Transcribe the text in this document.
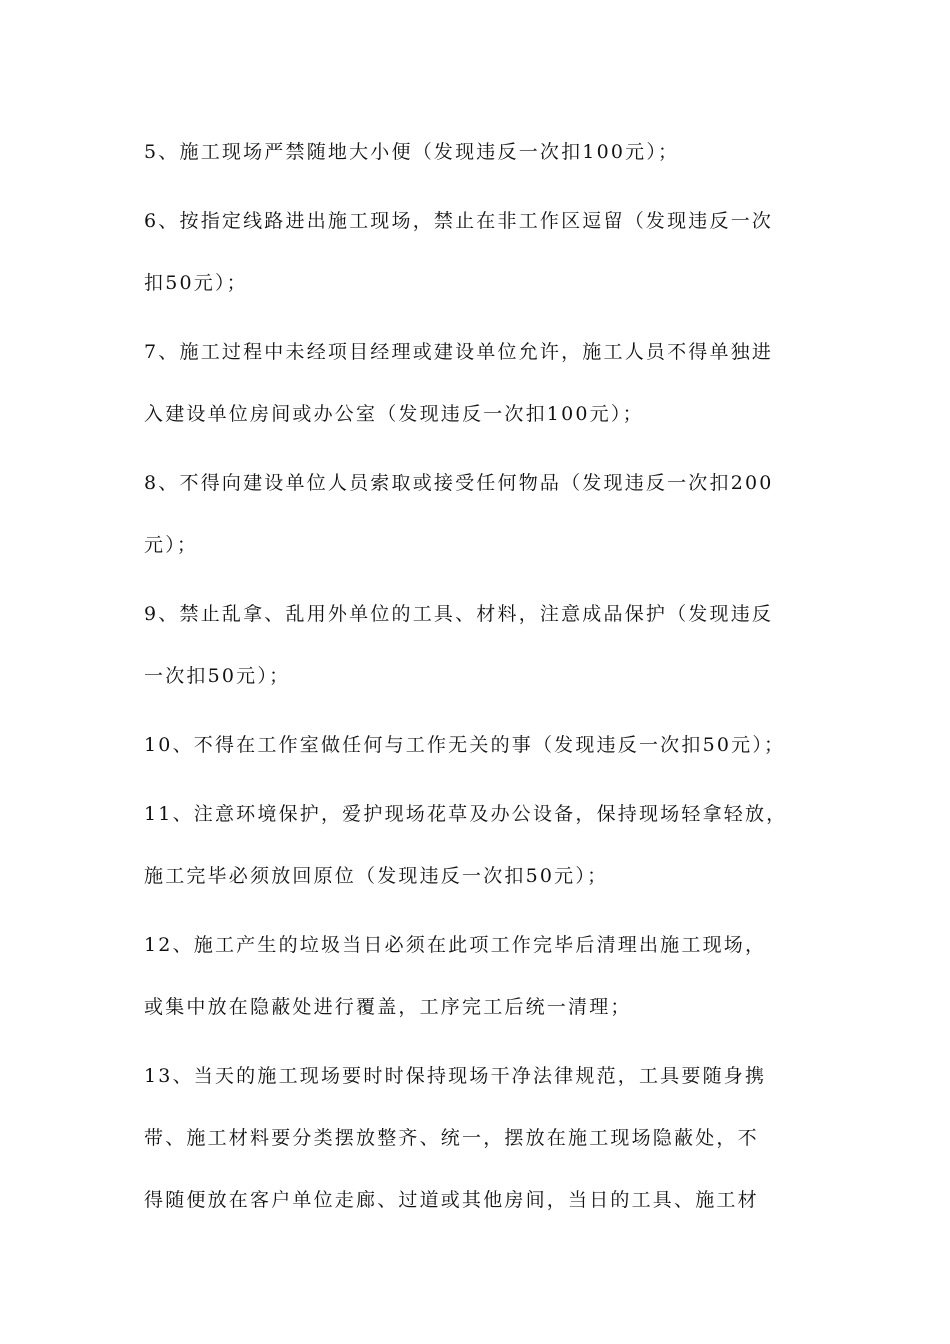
5、施工现场严禁随地大小便（发现违反一次扣100元）；
6、按指定线路进出施工现场，禁止在非工作区逗留（发现违反一次
扣50元）；
7、施工过程中未经项目经理或建设单位允许，施工人员不得单独进
入建设单位房间或办公室（发现违反一次扣100元）；
8、不得向建设单位人员索取或接受任何物品（发现违反一次扣200
元）；
9、禁止乱拿、乱用外单位的工具、材料，注意成品保护（发现违反
一次扣50元）；
10、不得在工作室做任何与工作无关的事（发现违反一次扣50元）；
11、注意环境保护，爱护现场花草及办公设备，保持现场轻拿轻放，
施工完毕必须放回原位（发现违反一次扣50元）；
12、施工产生的垃圾当日必须在此项工作完毕后清理出施工现场，
或集中放在隐蔽处进行覆盖，工序完工后统一清理；
13、当天的施工现场要时时保持现场干净法律规范，工具要随身携
带、施工材料要分类摆放整齐、统一，摆放在施工现场隐蔽处，不
得随便放在客户单位走廊、过道或其他房间，当日的工具、施工材
